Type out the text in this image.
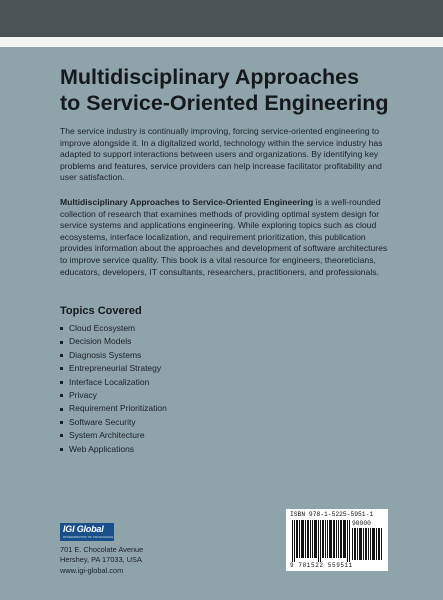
Multidisciplinary Approaches
to Service-Oriented Engineering

The service industry is continually improving, forcing service-oriented engineering to improve alongside it. In a digitalized world, technology within the service industry has adapted to support interactions between users and organizations. By identifying key problems and features, service providers can help increase facilitator profitability and user satisfaction.

Multidisciplinary Approaches to Service-Oriented Engineering is a well-rounded collection of research that examines methods of providing optimal system design for service systems and applications engineering. While exploring topics such as cloud ecosystems, interface localization, and requirement prioritization, this publication provides information about the approaches and development of software architectures to improve service quality. This book is a vital resource for engineers, theoreticians, educators, developers, IT consultants, researchers, practitioners, and professionals.

Topics Covered
Cloud Ecosystem
Decision Models
Diagnosis Systems
Entrepreneurial Strategy
Interface Localization
Privacy
Requirement Prioritization
Software Security
System Architecture
Web Applications
IGI Global
DISSEMINATOR OF KNOWLEDGE
701 E. Chocolate Avenue
Hershey, PA 17033, USA
www.igi-global.com
ISBN 978-1-5225-5951-1
90000
9 781522 559511
